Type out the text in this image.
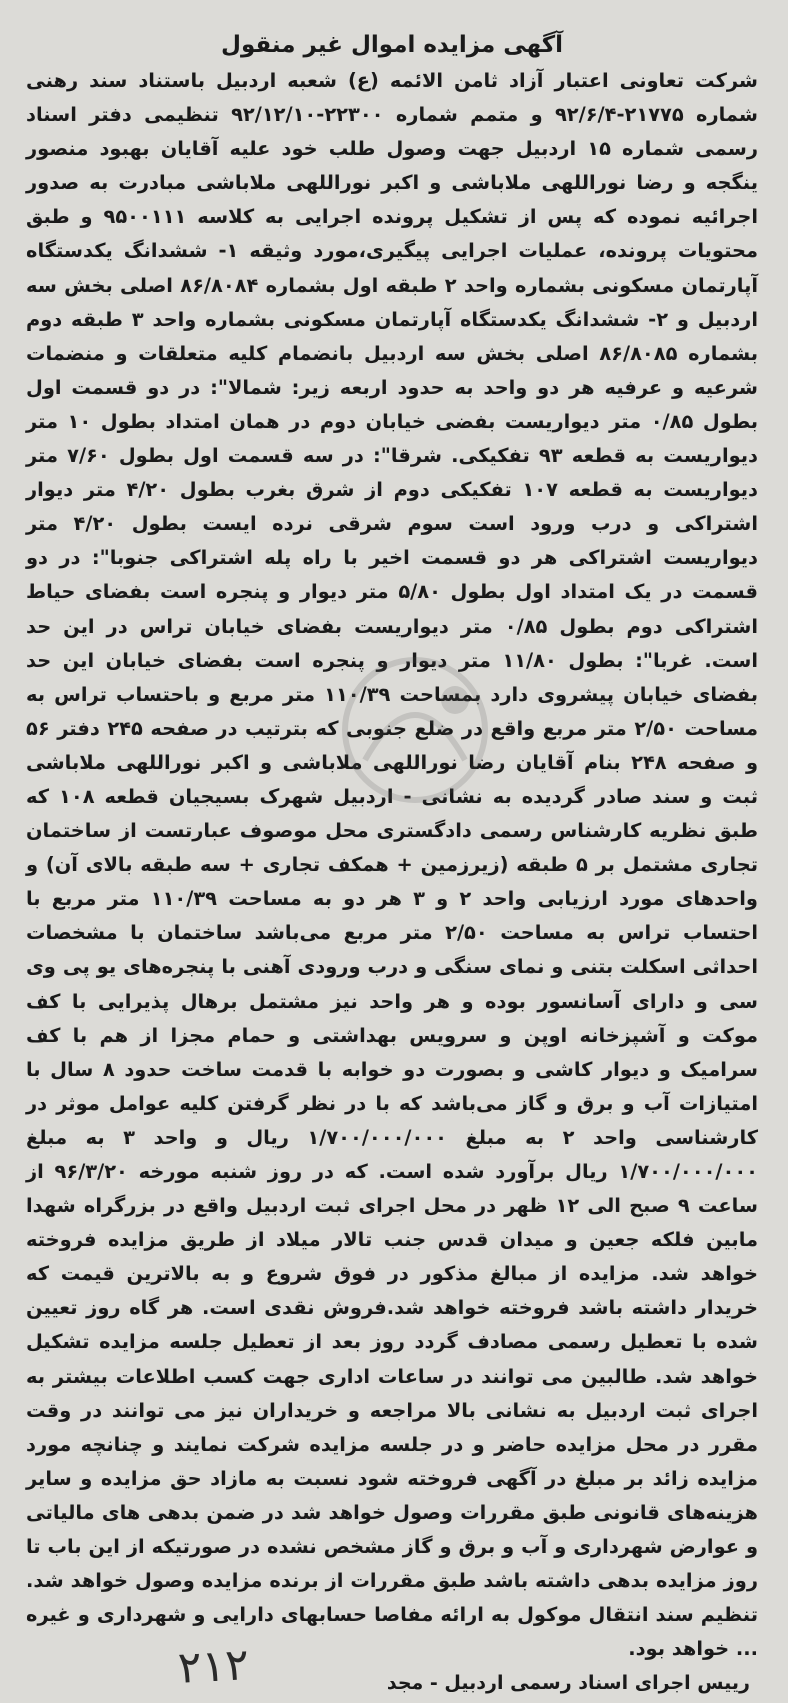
آگهی مزایده اموال غیر منقول

شرکت تعاونی اعتبار آزاد ثامن الائمه (ع) شعبه اردبیل باستناد سند رهنی شماره ۲۱۷۷۵-۹۲/۶/۴ و متمم شماره ۲۲۳۰۰-۹۲/۱۲/۱۰ تنظیمی دفتر اسناد رسمی شماره ۱۵ اردبیل جهت وصول طلب خود علیه آقایان بهبود منصور ینگجه و رضا نوراللهی ملاباشی و اکبر نوراللهی ملاباشی مبادرت به صدور اجرائیه نموده که پس از تشکیل پرونده اجرایی به کلاسه ۹۵۰۰۱۱۱ و طبق محتویات پرونده، عملیات اجرایی پیگیری،مورد وثیقه ۱- ششدانگ یکدستگاه آپارتمان مسکونی بشماره واحد ۲ طبقه اول بشماره ۸۶/۸۰۸۴ اصلی بخش سه اردبیل و ۲- ششدانگ یکدستگاه آپارتمان مسکونی بشماره واحد ۳ طبقه دوم بشماره ۸۶/۸۰۸۵ اصلی بخش سه اردبیل بانضمام کلیه متعلقات و منضمات شرعیه و عرفیه هر دو واحد به حدود اربعه زیر: شمالا": در دو قسمت اول بطول ۰/۸۵ متر دیواریست بفضی خیابان دوم در همان امتداد بطول ۱۰ متر دیواریست به قطعه ۹۳ تفکیکی. شرقا": در سه قسمت اول بطول ۷/۶۰ متر دیواریست به قطعه ۱۰۷ تفکیکی دوم از شرق بغرب بطول ۴/۲۰ متر دیوار اشتراکی و درب ورود است سوم شرقی نرده ایست بطول ۴/۲۰ متر دیواریست اشتراکی هر دو قسمت اخیر با راه پله اشتراکی جنوبا": در دو قسمت در یک امتداد اول بطول ۵/۸۰ متر دیوار و پنجره است بفضای حیاط اشتراکی دوم بطول ۰/۸۵ متر دیواریست بفضای خیابان تراس در این حد است. غربا": بطول ۱۱/۸۰ متر دیوار و پنجره است بفضای خیابان این حد بفضای خیابان پیشروی دارد بمساحت ۱۱۰/۳۹ متر مربع و باحتساب تراس به مساحت ۲/۵۰ متر مربع واقع در ضلع جنوبی که بترتیب در صفحه ۲۴۵ دفتر ۵۶ و صفحه ۲۴۸ بنام آقایان رضا نوراللهی ملاباشی و اکبر نوراللهی ملاباشی ثبت و سند صادر گردیده به نشانی - اردبیل شهرک بسیجیان قطعه ۱۰۸ که طبق نظریه کارشناس رسمی دادگستری محل موصوف عبارتست از ساختمان تجاری مشتمل بر ۵ طبقه (زیرزمین + همکف تجاری + سه طبقه بالای آن) و واحدهای مورد ارزیابی واحد ۲ و ۳ هر دو به مساحت ۱۱۰/۳۹ متر مربع با احتساب تراس به مساحت ۲/۵۰ متر مربع می‌باشد ساختمان با مشخصات احداثی اسکلت بتنی و نمای سنگی و درب ورودی آهنی با پنجره‌های یو پی وی سی و دارای آسانسور بوده و هر واحد نیز مشتمل برهال پذیرایی با کف موکت و آشپزخانه اوپن و سرویس بهداشتی و حمام مجزا از هم با کف سرامیک و دیوار کاشی و بصورت دو خوابه با قدمت ساخت حدود ۸ سال با امتیازات آب و برق و گاز می‌باشد که با در نظر گرفتن کلیه عوامل موثر در کارشناسی واحد ۲ به مبلغ ۱/۷۰۰/۰۰۰/۰۰۰ ریال و واحد ۳ به مبلغ ۱/۷۰۰/۰۰۰/۰۰۰ ریال برآورد شده است. که در روز شنبه مورخه ۹۶/۳/۲۰ از ساعت ۹ صبح الی ۱۲ ظهر در محل اجرای ثبت اردبیل واقع در بزرگراه شهدا مابین فلکه جعین و میدان قدس جنب تالار میلاد از طریق مزایده فروخته خواهد شد. مزایده از مبالغ مذکور در فوق شروع و به بالاترین قیمت که خریدار داشته باشد فروخته خواهد شد.فروش نقدی است. هر گاه روز تعیین شده با تعطیل رسمی مصادف گردد روز بعد از تعطیل جلسه مزایده تشکیل خواهد شد. طالبین می توانند در ساعات اداری جهت کسب اطلاعات بیشتر به اجرای ثبت اردبیل به نشانی بالا مراجعه و خریداران نیز می توانند در وقت مقرر در محل مزایده حاضر و در جلسه مزایده شرکت نمایند و چنانچه مورد مزایده زائد بر مبلغ در آگهی فروخته شود نسبت به مازاد حق مزایده و سایر هزینه‌های قانونی طبق مقررات وصول خواهد شد در ضمن بدهی های مالیاتی و عوارض شهرداری و آب و برق و گاز مشخص نشده در صورتیکه از این باب تا روز مزایده بدهی داشته باشد طبق مقررات از برنده مزایده وصول خواهد شد. تنظیم سند انتقال موکول به ارائه مفاصا حسابهای دارایی و شهرداری و غیره ... خواهد بود.

رییس اجرای اسناد رسمی اردبیل - مجد
۲۱۲
